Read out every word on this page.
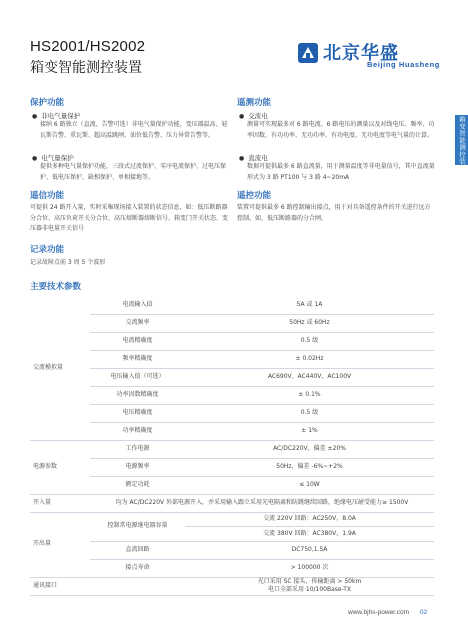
HS2001/HS2002
箱变智能测控装置
北京华盛
Beijing Huasheng
箱变智能测控装置
保护功能
● 非电气量保护
接纳 6 路独立（直流、告警可选）非电气量保护功能，变压器温高、轻瓦斯告警、重瓦斯、超高温跳闸、油位低告警、压力异常告警等。
● 电气量保护
提供多种电气量保护功能，三段式过流保护、零序电流保护、过电压保护、低电压保护、缺相保护、单相接地等。
遥测功能
● 交流电
测量可实现最多对 6 路电流、6 路电压的测量以及对线电压、频率、功率因数、有功功率、无功功率、有功电度、无功电度等电气量的计算。
● 直流电
数据可提供最多 6 路直流量，用于测量温度等非电量信号，其中直流量形式为 3 路 PT100 与 3 路 4~20mA
遥信功能
可提供 24 路开入量，实时采集现场接入装置的状态信息，如：低压断路器分合位、高压负荷开关分合位、高压熔断器熔断信号、箱变门开关状态、变压器非电量开关信号
遥控功能
装置可提供最多 6 路控制输出接点，用于对具备遥控条件的开关进行远方控制。如，低压断路器的分合闸。
记录功能
记录故障点前 3 周 5 个波形
主要技术参数
交流模拟量	电流输入值	5A 或 1A
	交流频率	50Hz 或 60Hz
	电流精确度	0.5 级
	频率精确度	± 0.02Hz
	电压输入值（可选）	AC690V、AC440V、AC100V
	功率因数精确度	± 0.1%
	电压精确度	0.5 级
	功率精确度	± 1%
电源参数	工作电源	AC/DC220V，偏差 ±20%
	电源频率	50Hz，偏差 -6%~+2%
	额定功耗	≤ 10W
开入量	均为 AC/DC220V 外部电源开入，并采用输入跟立采用光电隔离和防跳继续回路，绝缘电压耐受能力≥ 1500V	
开出量	控制常电源继电器容量	交流 220V 回路：AC250V，8.0A
		交流 380V 回路：AC380V，1.9A
	直流回路	DC750,1.5A
	接点寿命	> 100000 次
通讯接口		光口采用 SC 接头，传输距离 > 50km
电口全部采用 10/100Base-TX
www.bjhs-power.com 02
